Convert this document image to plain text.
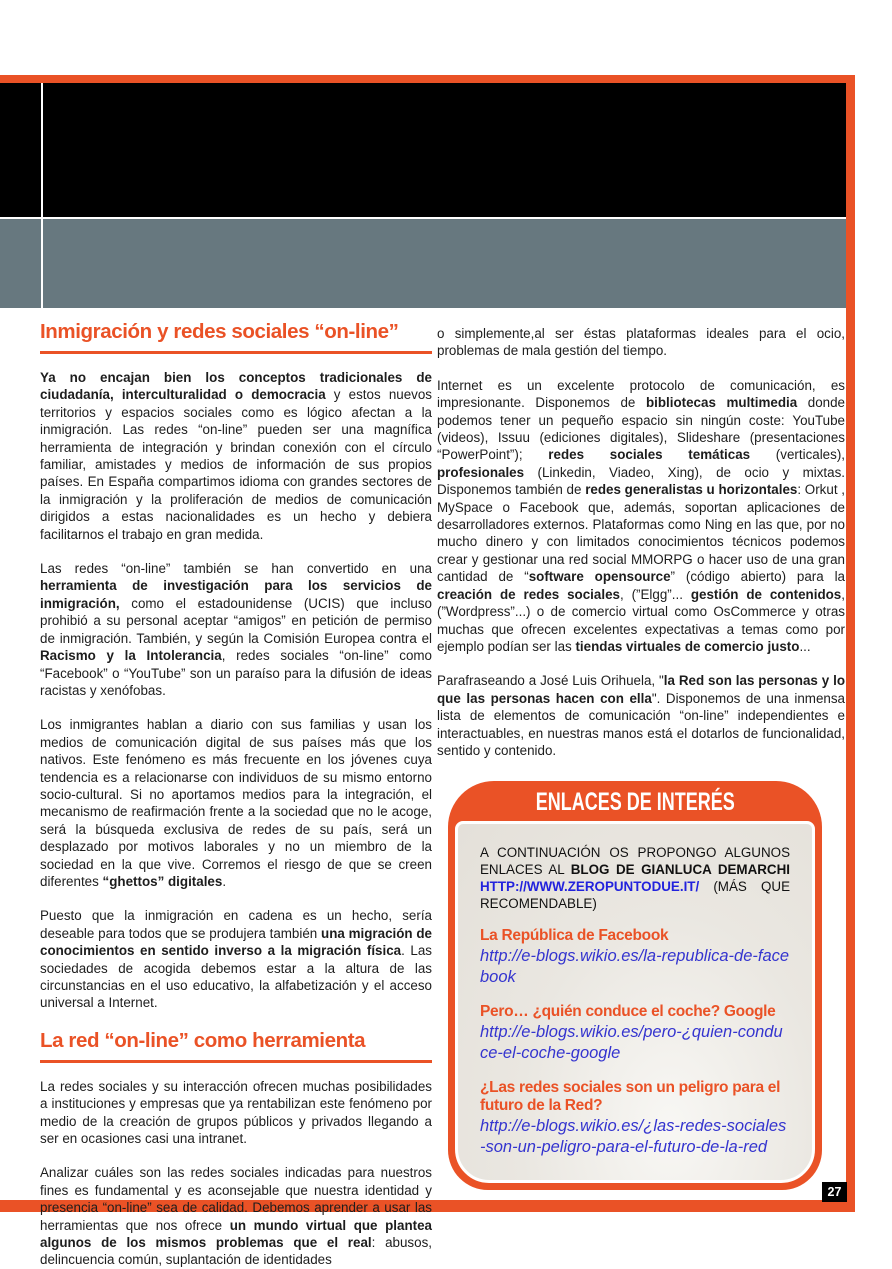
Inmigración y redes sociales “on-line”

Ya no encajan bien los conceptos tradicionales de ciudadanía, interculturalidad o democracia y estos nuevos territorios y espacios sociales como es lógico afectan a la inmigración. Las redes “on-line” pueden ser una magnífica herramienta de integración y brindan conexión con el círculo familiar, amistades y medios de información de sus propios países. En España compartimos idioma con grandes sectores de la inmigración y la proliferación de medios de comunicación dirigidos a estas nacionalidades es un hecho y debiera facilitarnos el trabajo en gran medida.

Las redes “on-line” también se han convertido en una herramienta de investigación para los servicios de inmigración, como el estadounidense (UCIS) que incluso prohibió a su personal aceptar “amigos” en petición de permiso de inmigración. También, y según la Comisión Europea contra el Racismo y la Intolerancia, redes sociales “on-line” como “Facebook” o “YouTube” son un paraíso para la difusión de ideas racistas y xenófobas.

Los inmigrantes hablan a diario con sus familias y usan los medios de comunicación digital de sus países más que los nativos. Este fenómeno es más frecuente en los jóvenes cuya tendencia es a relacionarse con individuos de su mismo entorno socio-cultural. Si no aportamos medios para la integración, el mecanismo de reafirmación frente a la sociedad que no le acoge, será la búsqueda exclusiva de redes de su país, será un desplazado por motivos laborales y no un miembro de la sociedad en la que vive. Corremos el riesgo de que se creen diferentes “ghettos” digitales.

Puesto que la inmigración en cadena es un hecho, sería deseable para todos que se produjera también una migración de conocimientos en sentido inverso a la migración física. Las sociedades de acogida debemos estar a la altura de las circunstancias en el uso educativo, la alfabetización y el acceso universal a Internet.

La red “on-line” como herramienta

La redes sociales y su interacción ofrecen muchas posibilidades a instituciones y empresas que ya rentabilizan este fenómeno por medio de la creación de grupos públicos y privados llegando a ser en ocasiones casi una intranet.

Analizar cuáles son las redes sociales indicadas para nuestros fines es fundamental y es aconsejable que nuestra identidad y presencia “on-line” sea de calidad. Debemos aprender a usar las herramientas que nos ofrece un mundo virtual que plantea algunos de los mismos problemas que el real: abusos, delincuencia común, suplantación de identidades

o simplemente,al ser éstas plataformas ideales para el ocio, problemas de mala gestión del tiempo.

Internet es un excelente protocolo de comunicación, es impresionante. Disponemos de bibliotecas multimedia donde podemos tener un pequeño espacio sin ningún coste: YouTube (videos), Issuu (ediciones digitales), Slideshare (presentaciones “PowerPoint”); redes sociales temáticas (verticales), profesionales (Linkedin, Viadeo, Xing), de ocio y mixtas. Disponemos también de redes generalistas u horizontales: Orkut , MySpace o Facebook que, además, soportan aplicaciones de desarrolladores externos. Plataformas como Ning en las que, por no mucho dinero y con limitados conocimientos técnicos podemos crear y gestionar una red social MMORPG o hacer uso de una gran cantidad de “software opensource” (código abierto) para la creación de redes sociales, (”Elgg”... gestión de contenidos, (”Wordpress”...) o de comercio virtual como OsCommerce y otras muchas que ofrecen excelentes expectativas a temas como por ejemplo podían ser las tiendas virtuales de comercio justo...

Parafraseando a José Luis Orihuela, "la Red son las personas y lo que las personas hacen con ella". Disponemos de una inmensa lista de elementos de comunicación “on-line” independientes e interactuables, en nuestras manos está el dotarlos de funcionalidad, sentido y contenido.

ENLACES DE INTERÉS

A CONTINUACIÓN OS PROPONGO ALGUNOS ENLACES AL BLOG DE GIANLUCA DEMARCHI HTTP://WWW.ZEROPUNTODUE.IT/ (MÁS QUE RECOMENDABLE)

La República de Facebook
http://e-blogs.wikio.es/la-republica-de-facebook
Pero… ¿quién conduce el coche? Google
http://e-blogs.wikio.es/pero-¿quien-conduce-el-coche-google
¿Las redes sociales son un peligro para el futuro de la Red?
http://e-blogs.wikio.es/¿las-redes-sociales-son-un-peligro-para-el-futuro-de-la-red
27
